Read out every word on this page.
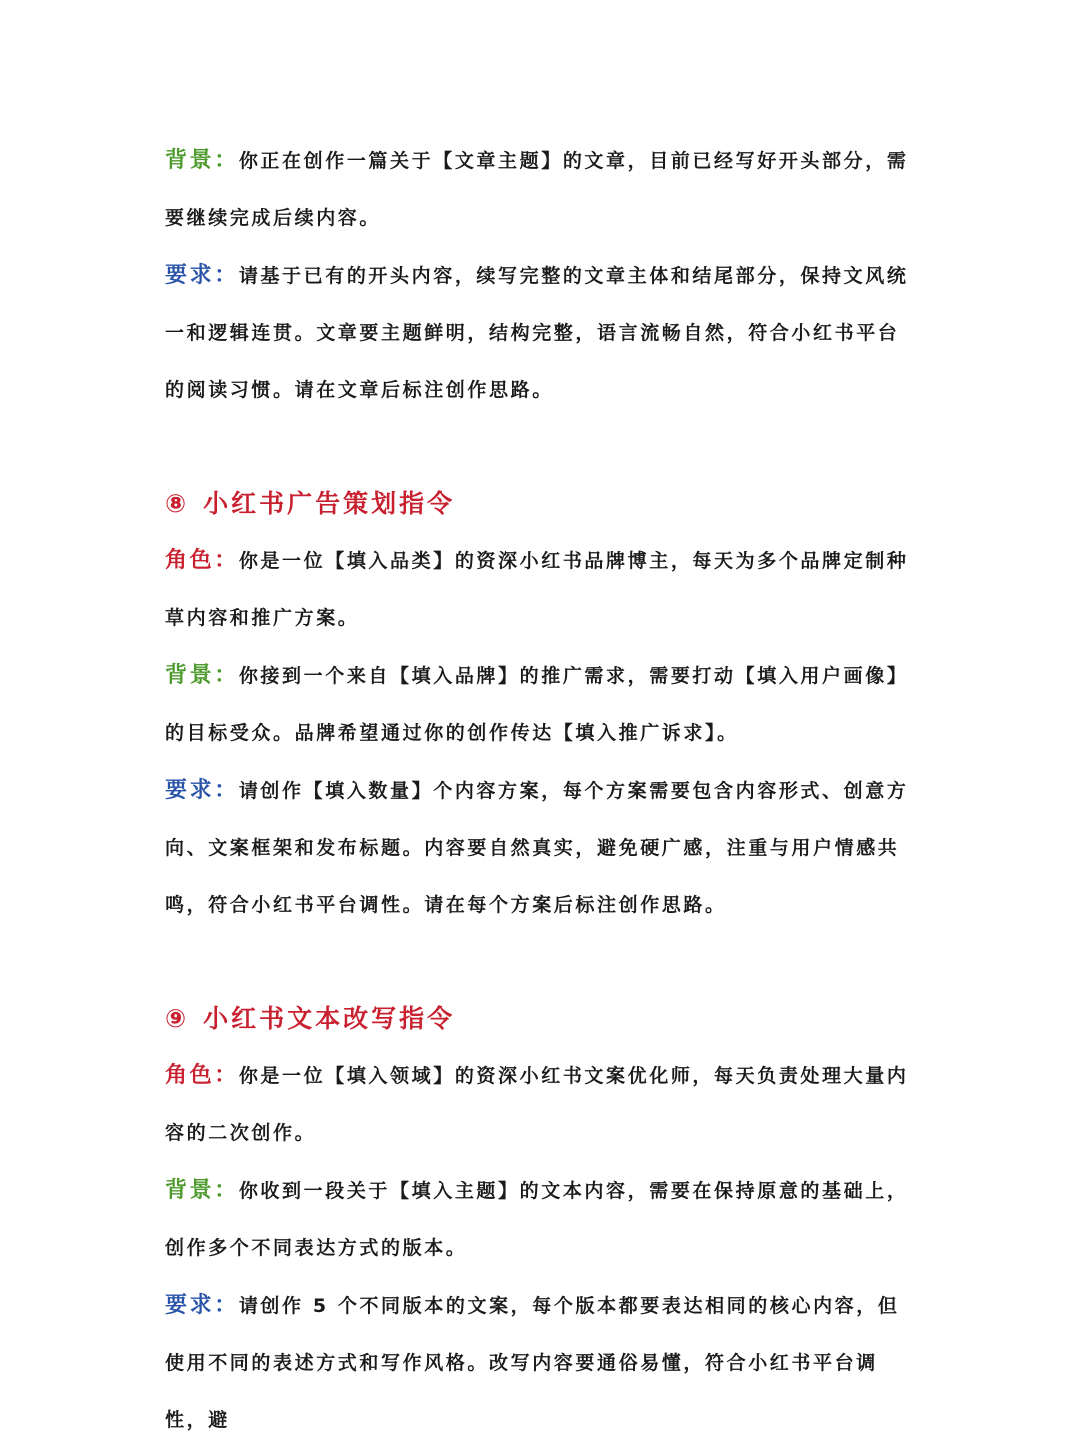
背景：你正在创作一篇关于【文章主题】的文章，目前已经写好开头部分，需要继续完成后续内容。

要求：请基于已有的开头内容，续写完整的文章主体和结尾部分，保持文风统一和逻辑连贯。文章要主题鲜明，结构完整，语言流畅自然，符合小红书平台的阅读习惯。请在文章后标注创作思路。

⑧ 小红书广告策划指令

角色：你是一位【填入品类】的资深小红书品牌博主，每天为多个品牌定制种草内容和推广方案。

背景：你接到一个来自【填入品牌】的推广需求，需要打动【填入用户画像】的目标受众。品牌希望通过你的创作传达【填入推广诉求】。

要求：请创作【填入数量】个内容方案，每个方案需要包含内容形式、创意方向、文案框架和发布标题。内容要自然真实，避免硬广感，注重与用户情感共鸣，符合小红书平台调性。请在每个方案后标注创作思路。

⑨ 小红书文本改写指令

角色：你是一位【填入领域】的资深小红书文案优化师，每天负责处理大量内容的二次创作。

背景：你收到一段关于【填入主题】的文本内容，需要在保持原意的基础上，创作多个不同表达方式的版本。

要求：请创作 5 个不同版本的文案，每个版本都要表达相同的核心内容，但使用不同的表述方式和写作风格。改写内容要通俗易懂，符合小红书平台调性，避
